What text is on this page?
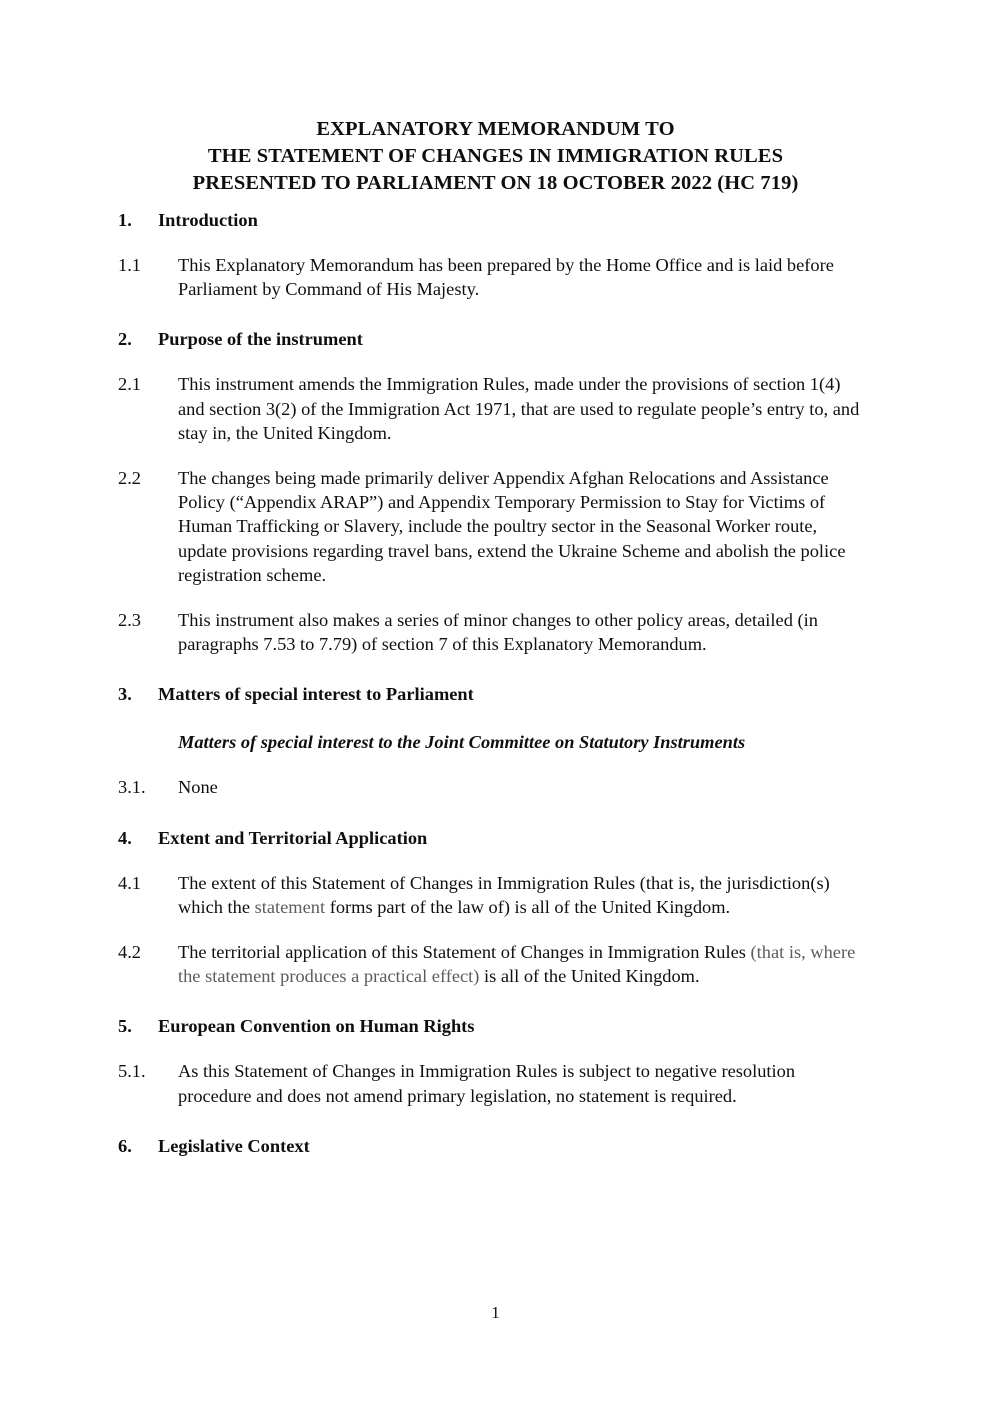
EXPLANATORY MEMORANDUM TO
THE STATEMENT OF CHANGES IN IMMIGRATION RULES
PRESENTED TO PARLIAMENT ON 18 OCTOBER 2022 (HC 719)
1.	Introduction
1.1	This Explanatory Memorandum has been prepared by the Home Office and is laid before Parliament by Command of His Majesty.
2.	Purpose of the instrument
2.1	This instrument amends the Immigration Rules, made under the provisions of section 1(4) and section 3(2) of the Immigration Act 1971, that are used to regulate people’s entry to, and stay in, the United Kingdom.
2.2	The changes being made primarily deliver Appendix Afghan Relocations and Assistance Policy (“Appendix ARAP”) and Appendix Temporary Permission to Stay for Victims of Human Trafficking or Slavery, include the poultry sector in the Seasonal Worker route, update provisions regarding travel bans, extend the Ukraine Scheme and abolish the police registration scheme.
2.3	This instrument also makes a series of minor changes to other policy areas, detailed (in paragraphs 7.53 to 7.79) of section 7 of this Explanatory Memorandum.
3.	Matters of special interest to Parliament
Matters of special interest to the Joint Committee on Statutory Instruments
3.1.	None
4.	Extent and Territorial Application
4.1	The extent of this Statement of Changes in Immigration Rules (that is, the jurisdiction(s) which the statement forms part of the law of) is all of the United Kingdom.
4.2	The territorial application of this Statement of Changes in Immigration Rules (that is, where the statement produces a practical effect) is all of the United Kingdom.
5.	European Convention on Human Rights
5.1.	As this Statement of Changes in Immigration Rules is subject to negative resolution procedure and does not amend primary legislation, no statement is required.
6.	Legislative Context
1
